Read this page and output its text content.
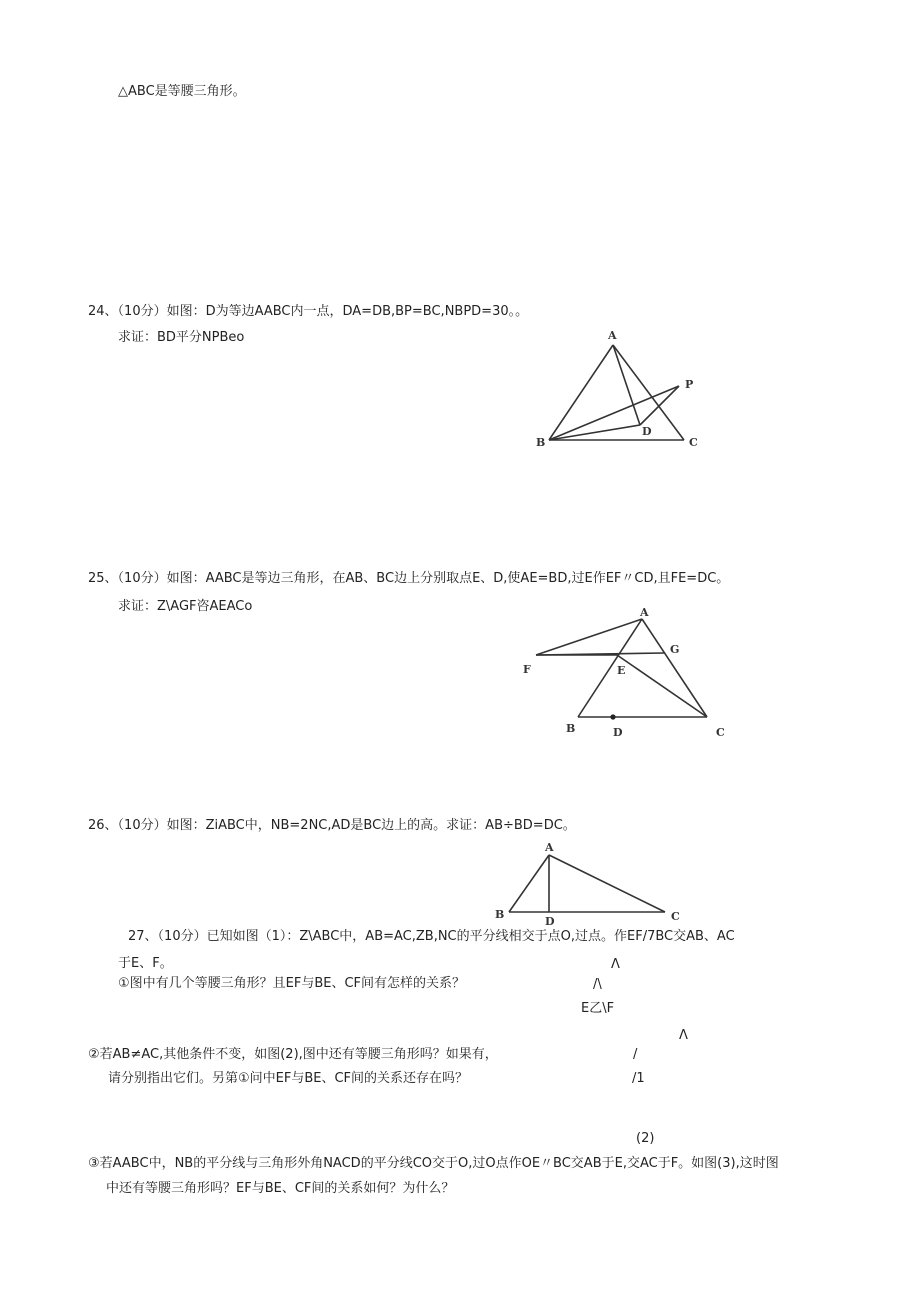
△ABC是等腰三角形。
24、（10分）如图：D为等边AABC内一点，DA=DB,BP=BC,NBPD=30。。
求证：BD平分NPBeo
25、（10分）如图：AABC是等边三角形，在AB、BC边上分别取点E、D,使AE=BD,过E作EF〃CD,且FE=DC。
求证：Z\AGF咨AEACo
26、（10分）如图：ZiABC中，NB=2NC,AD是BC边上的高。求证：AB÷BD=DC。
27、（10分）已知如图（1）：Z\ABC中，AB=AC,ZB,NC的平分线相交于点O,过点。作EF/7BC交AB、AC
于E、F。
①图中有几个等腰三角形？且EF与BE、CF间有怎样的关系？
②若AB≠AC,其他条件不变，如图(2),图中还有等腰三角形吗？如果有，
请分别指出它们。另第①问中EF与BE、CF间的关系还存在吗？
③若AABC中，NB的平分线与三角形外角NACD的平分线CO交于O,过O点作OE〃BC交AB于E,交AC于F。如图(3),这时图
中还有等腰三角形吗？EF与BE、CF间的关系如何？为什么？
Λ
/\
E乙\F
Λ
/
/1
(2)
A
B	C
D
P
A
B	C
D
E
F
G
A
B	C
D
